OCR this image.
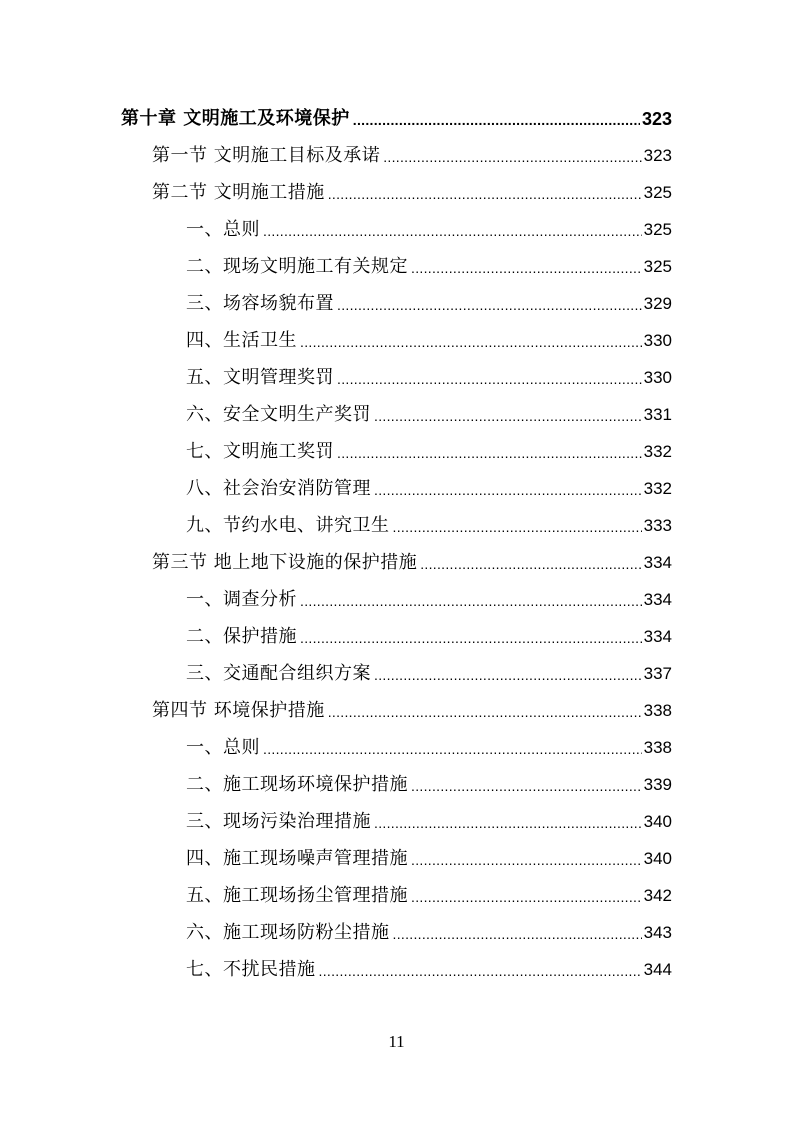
第十章 文明施工及环境保护 .....	323
第一节 文明施工目标及承诺 .....	323
第二节 文明施工措施 .....	325
一、总则 .....	325
二、现场文明施工有关规定 .....	325
三、场容场貌布置 .....	329
四、生活卫生 .....	330
五、文明管理奖罚 .....	330
六、安全文明生产奖罚 .....	331
七、文明施工奖罚 .....	332
八、社会治安消防管理 .....	332
九、节约水电、讲究卫生 .....	333
第三节 地上地下设施的保护措施 .....	334
一、调查分析 .....	334
二、保护措施 .....	334
三、交通配合组织方案 .....	337
第四节 环境保护措施 .....	338
一、总则 .....	338
二、施工现场环境保护措施 .....	339
三、现场污染治理措施 .....	340
四、施工现场噪声管理措施 .....	340
五、施工现场扬尘管理措施 .....	342
六、施工现场防粉尘措施 .....	343
七、不扰民措施 .....	344
11
